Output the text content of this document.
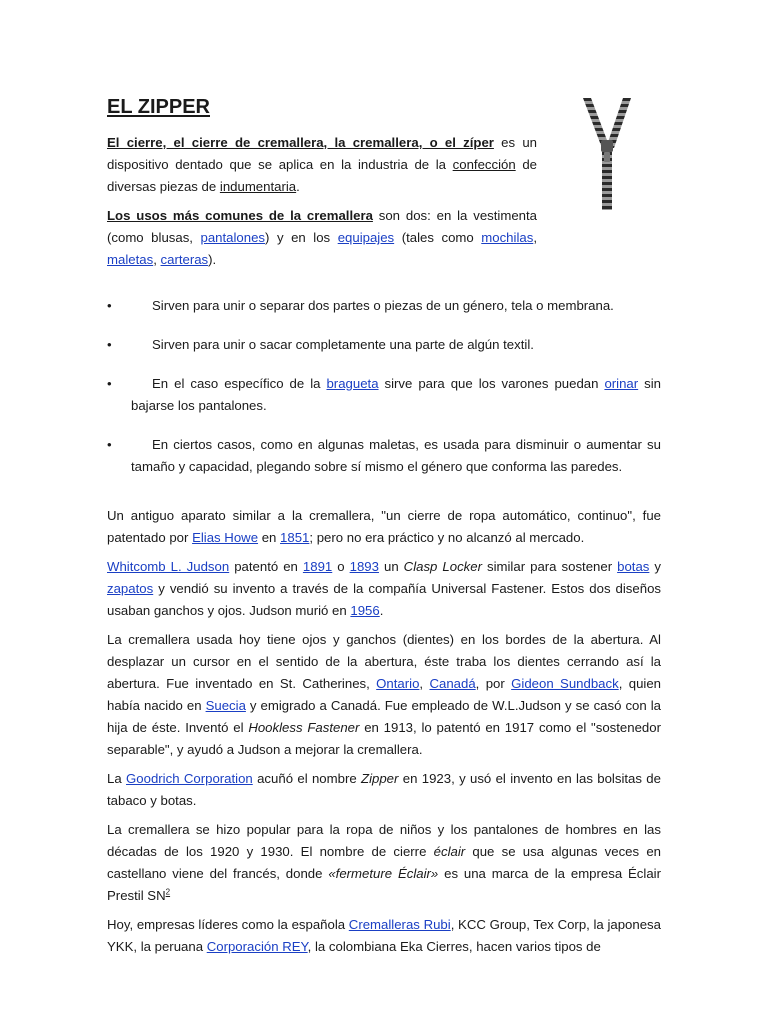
EL ZIPPER

El cierre, el cierre de cremallera, la cremallera, o el zíper es un dispositivo dentado que se aplica en la industria de la confección de diversas piezas de indumentaria.

Los usos más comunes de la cremallera son dos: en la vestimenta (como blusas, pantalones) y en los equipajes (tales como mochilas, maletas, carteras).

•	Sirven para unir o separar dos partes o piezas de un género, tela o membrana.
•	Sirven para unir o sacar completamente una parte de algún textil.
•	En el caso específico de la bragueta sirve para que los varones puedan orinar sin bajarse los pantalones.
•	En ciertos casos, como en algunas maletas, es usada para disminuir o aumentar su tamaño y capacidad, plegando sobre sí mismo el género que conforma las paredes.

Un antiguo aparato similar a la cremallera, "un cierre de ropa automático, continuo", fue patentado por Elias Howe en 1851; pero no era práctico y no alcanzó al mercado.

Whitcomb L. Judson patentó en 1891 o 1893 un Clasp Locker similar para sostener botas y zapatos y vendió su invento a través de la compañía Universal Fastener. Estos dos diseños usaban ganchos y ojos. Judson murió en 1956.

La cremallera usada hoy tiene ojos y ganchos (dientes) en los bordes de la abertura. Al desplazar un cursor en el sentido de la abertura, éste traba los dientes cerrando así la abertura. Fue inventado en St. Catherines, Ontario, Canadá, por Gideon Sundback, quien había nacido en Suecia y emigrado a Canadá. Fue empleado de W.L.Judson y se casó con la hija de éste. Inventó el Hookless Fastener en 1913, lo patentó en 1917 como el "sostenedor separable", y ayudó a Judson a mejorar la cremallera.

La Goodrich Corporation acuñó el nombre Zipper en 1923, y usó el invento en las bolsitas de tabaco y botas.

La cremallera se hizo popular para la ropa de niños y los pantalones de hombres en las décadas de los 1920 y 1930. El nombre de cierre éclair que se usa algunas veces en castellano viene del francés, donde «fermeture Éclair» es una marca de la empresa Éclair Prestil $SN^2$

Hoy, empresas líderes como la española Cremalleras Rubi, KCC Group, Tex Corp, la japonesa YKK, la peruana Corporación REY, la colombiana Eka Cierres, hacen varios tipos de
